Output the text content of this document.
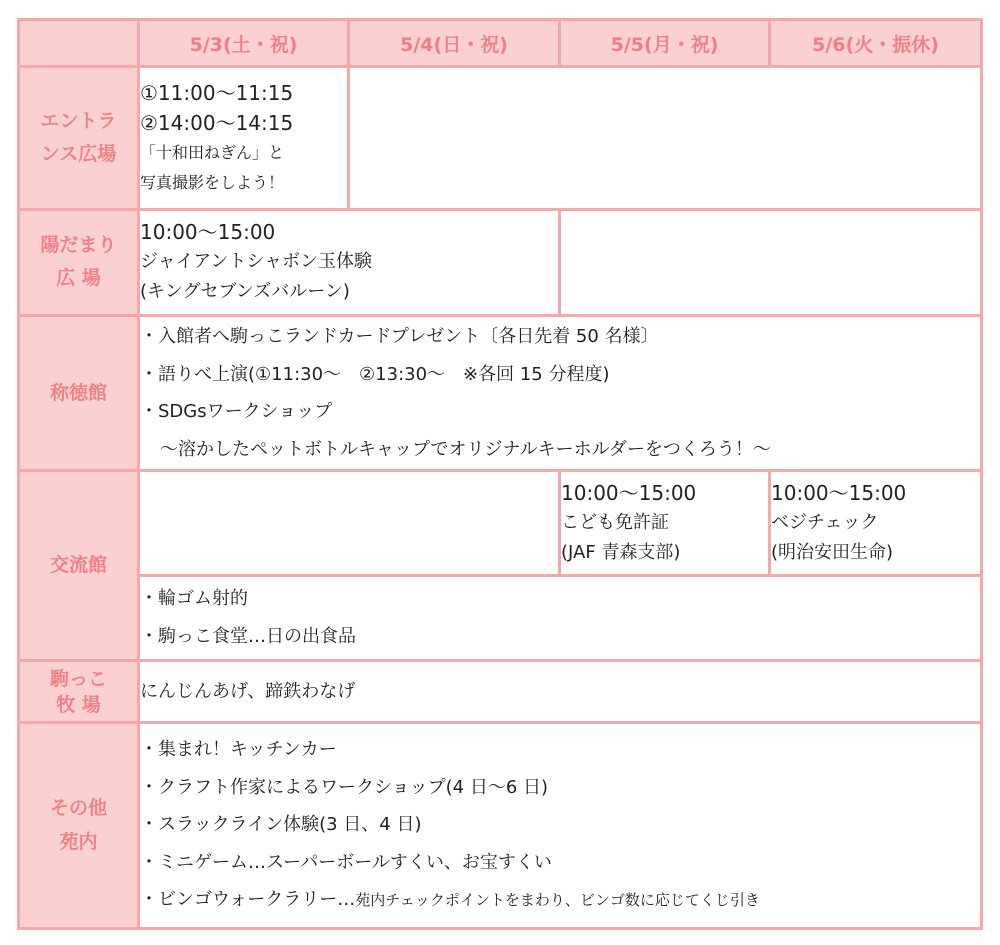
	5/3(土・祝)	5/4(日・祝)	5/5(月・祝)	5/6(火・振休)

エントラ
ンス広場	①11:00～11:15
②14:00～14:15
「十和田ねぎん」と
写真撮影をしよう！			

陽だまり
広 場	10:00～15:00
ジャイアントシャボン玉体験
(キングセブンズバルーン)			

称徳館	・入館者へ駒っこランドカードプレゼント〔各日先着 50 名様〕
・語りべ上演(①11:30～　②13:30～　※各回 15 分程度)
・SDGsワークショップ
～溶かしたペットボトルキャップでオリジナルキーホルダーをつくろう！～			

交流館			10:00～15:00
こども免許証
(JAF 青森支部)	10:00～15:00
ベジチェック
(明治安田生命)

	・輪ゴム射的
・駒っこ食堂…日の出食品			

駒っこ
牧 場	にんじんあげ、蹄鉄わなげ			

その他
苑内	・集まれ！キッチンカー
・クラフト作家によるワークショップ(4 日～6 日)
・スラックライン体験(3 日、4 日)
・ミニゲーム…スーパーボールすくい、お宝すくい
・ビンゴウォークラリー…苑内チェックポイントをまわり、ビンゴ数に応じてくじ引き			
